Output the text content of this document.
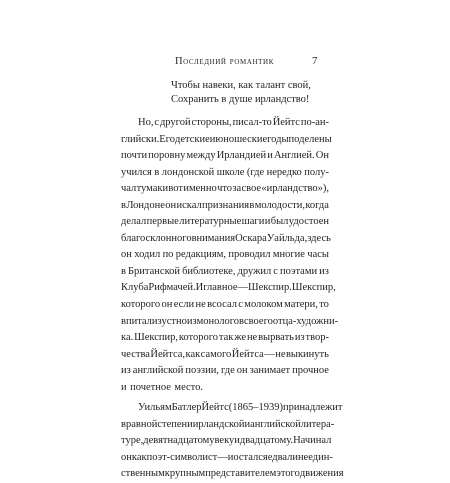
Последний романтик	7
Чтобы навеки, как талант свой,
Сохранить в душе ирландство!
Но, с другой стороны, писал-то Йейтс по-ан-
глийски. Его детские и юношеские годы поделены
почти поровну между Ирландией и Англией. Он
учился в лондонской школе (где нередко полу-
чал тумаки вот именно что за свое «ирландство»),
в Лондоне он искал признания в молодости, когда
делал первые литературные шаги и был удостоен
благосклонного внимания Оскара Уайльда, здесь
он ходил по редакциям, проводил многие часы
в Британской библиотеке, дружил с поэтами из
Клуба Рифмачей. И главное — Шекспир. Шекспир,
которого он если не всосал с молоком матери, то
впитал изустно из монологов своего отца-художни-
ка. Шекспир, которого так же не вырвать из твор-
чества Йейтса, как самого Йейтса — не выкинуть
из английской поэзии, где он занимает прочное
и почетное место.
Уильям Батлер Йейтс (1865–1939) принадлежит
в равной степени ирландской и английской литера-
туре, девятнадцатому веку и двадцатому. Начинал
он как поэт-символист — и остался едва ли не един-
ственным крупным представителем этого движения
